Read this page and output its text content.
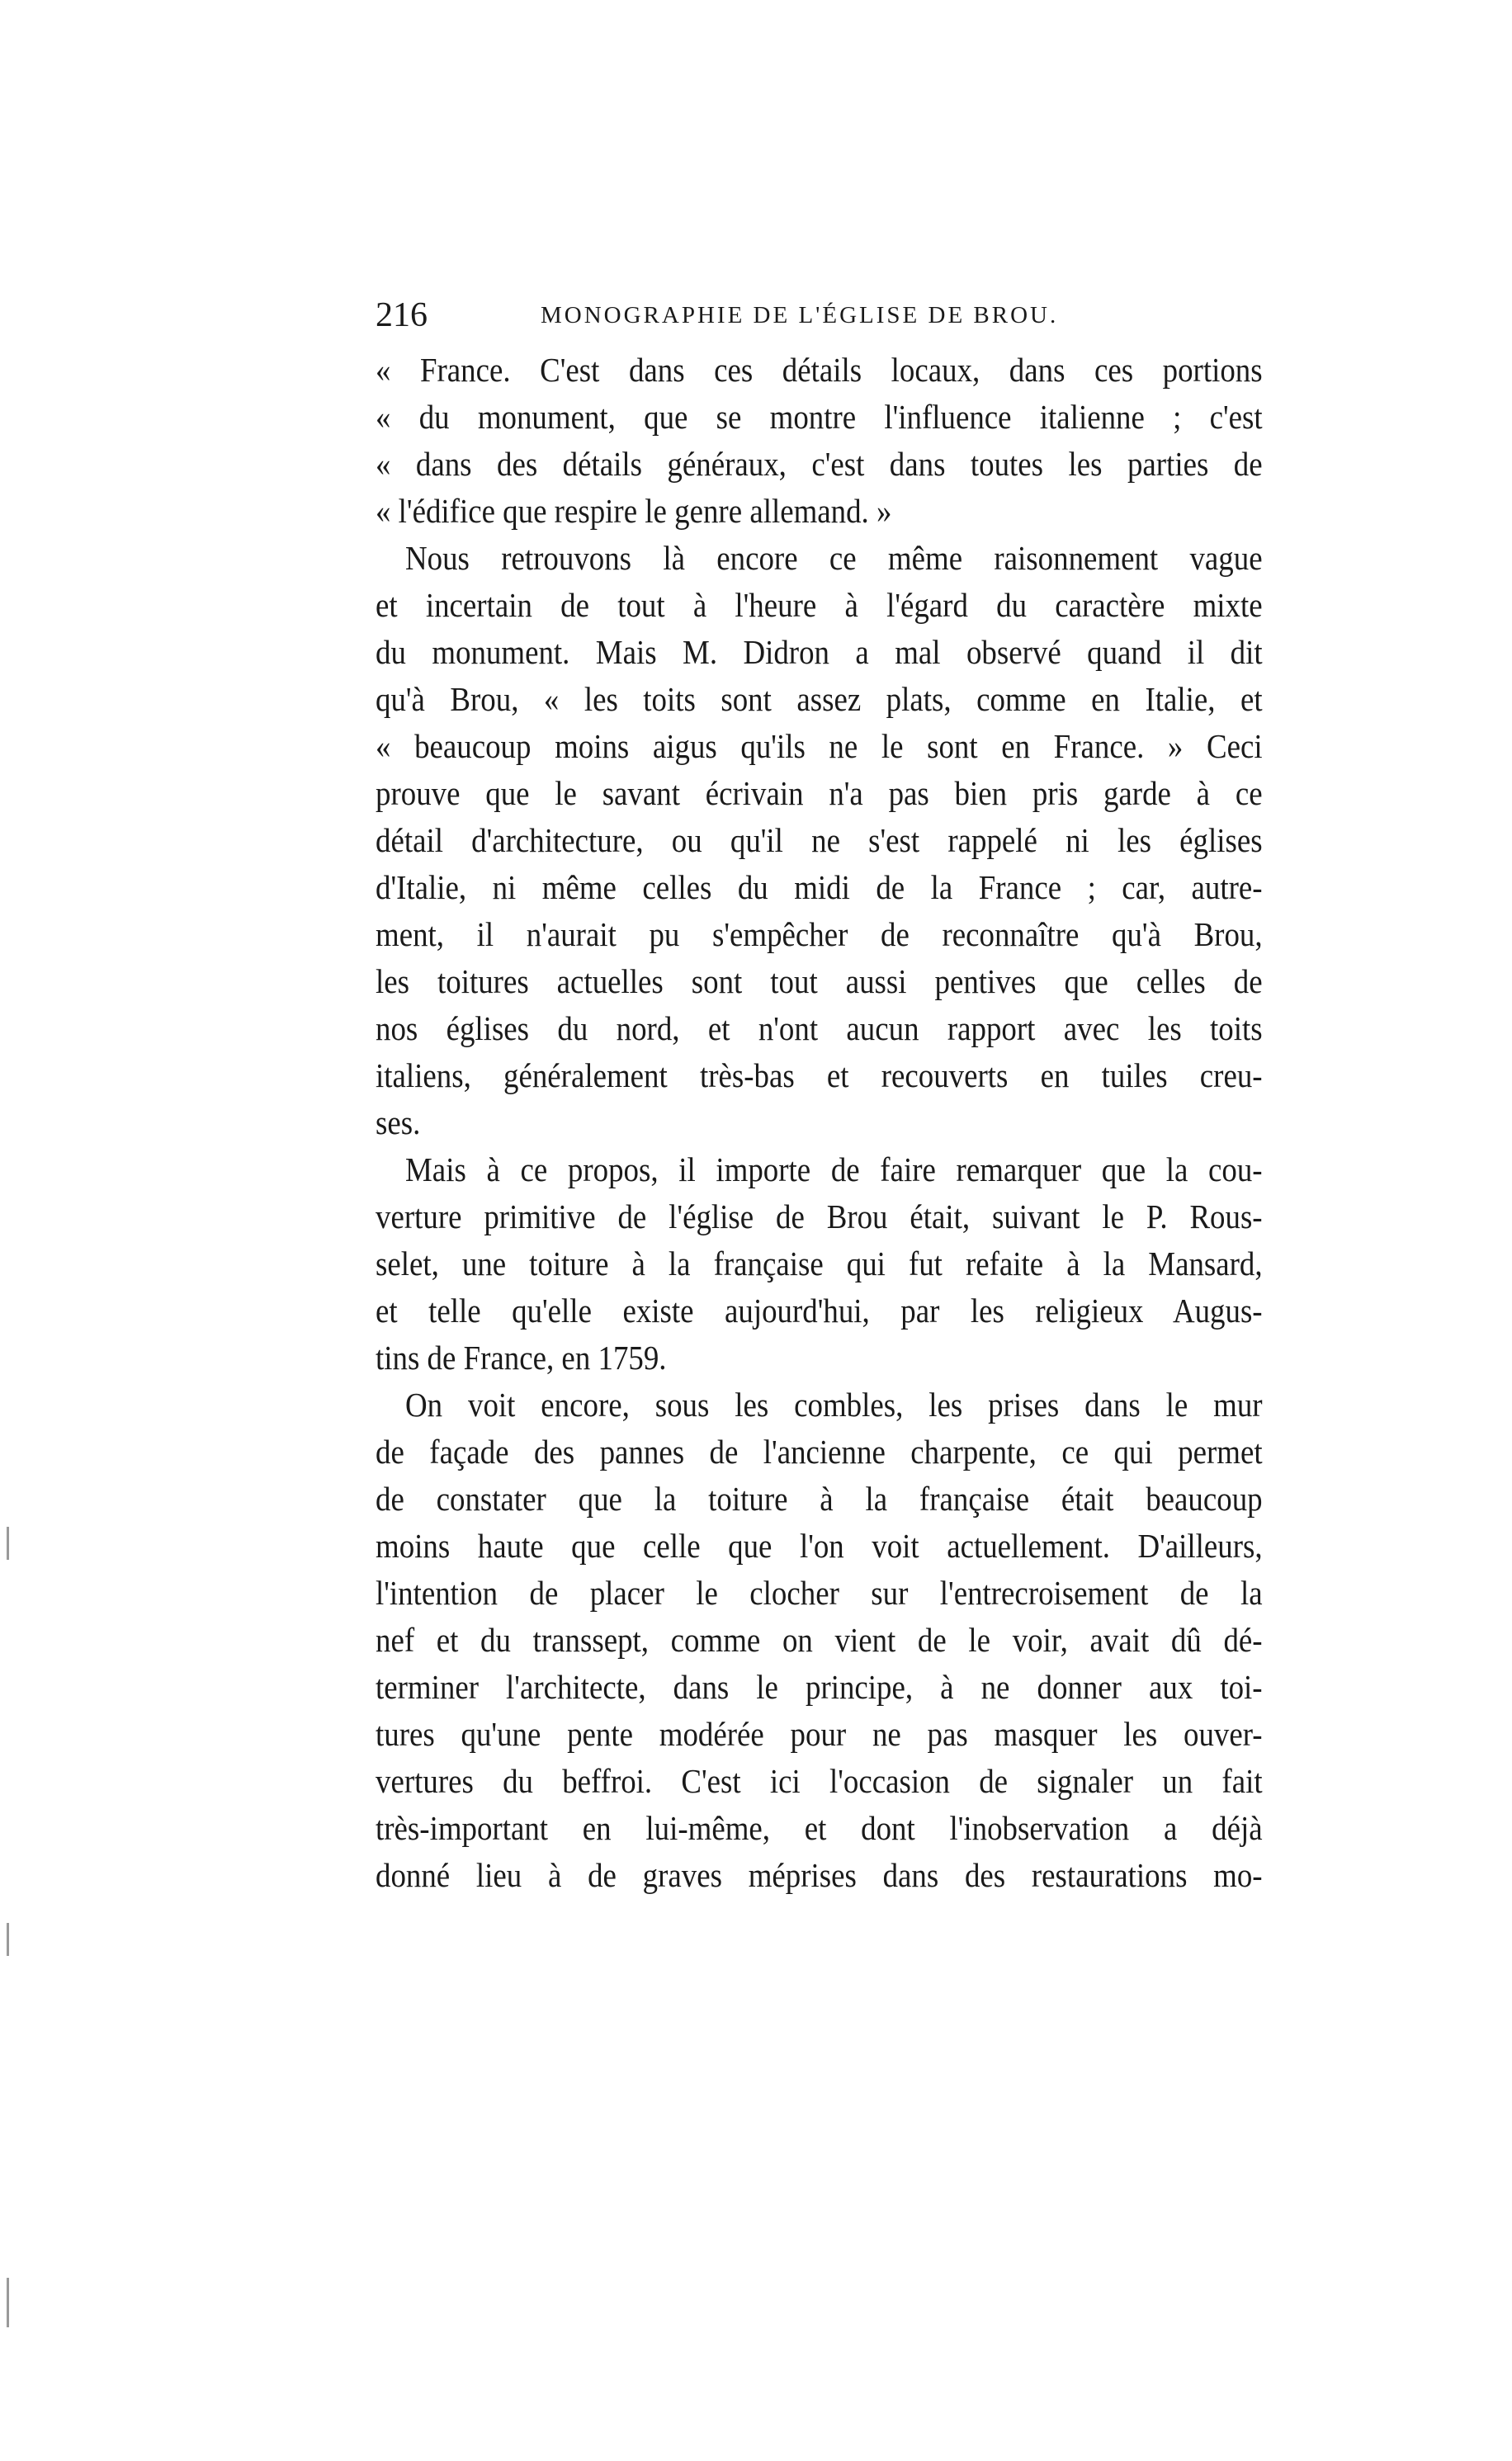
216	MONOGRAPHIE DE L'ÉGLISE DE BROU.
« France. C'est dans ces détails locaux, dans ces portions
« du monument, que se montre l'influence italienne ; c'est
« dans des détails généraux, c'est dans toutes les parties de
« l'édifice que respire le genre allemand. »
Nous retrouvons là encore ce même raisonnement vague
et incertain de tout à l'heure à l'égard du caractère mixte
du monument. Mais M. Didron a mal observé quand il dit
qu'à Brou, « les toits sont assez plats, comme en Italie, et
« beaucoup moins aigus qu'ils ne le sont en France. » Ceci
prouve que le savant écrivain n'a pas bien pris garde à ce
détail d'architecture, ou qu'il ne s'est rappelé ni les églises
d'Italie, ni même celles du midi de la France ; car, autre-
ment, il n'aurait pu s'empêcher de reconnaître qu'à Brou,
les toitures actuelles sont tout aussi pentives que celles de
nos églises du nord, et n'ont aucun rapport avec les toits
italiens, généralement très-bas et recouverts en tuiles creu-
ses.
Mais à ce propos, il importe de faire remarquer que la cou-
verture primitive de l'église de Brou était, suivant le P. Rous-
selet, une toiture à la française qui fut refaite à la Mansard,
et telle qu'elle existe aujourd'hui, par les religieux Augus-
tins de France, en 1759.
On voit encore, sous les combles, les prises dans le mur
de façade des pannes de l'ancienne charpente, ce qui permet
de constater que la toiture à la française était beaucoup
moins haute que celle que l'on voit actuellement. D'ailleurs,
l'intention de placer le clocher sur l'entrecroisement de la
nef et du transsept, comme on vient de le voir, avait dû dé-
terminer l'architecte, dans le principe, à ne donner aux toi-
tures qu'une pente modérée pour ne pas masquer les ouver-
vertures du beffroi. C'est ici l'occasion de signaler un fait
très-important en lui-même, et dont l'inobservation a déjà
donné lieu à de graves méprises dans des restaurations mo-
